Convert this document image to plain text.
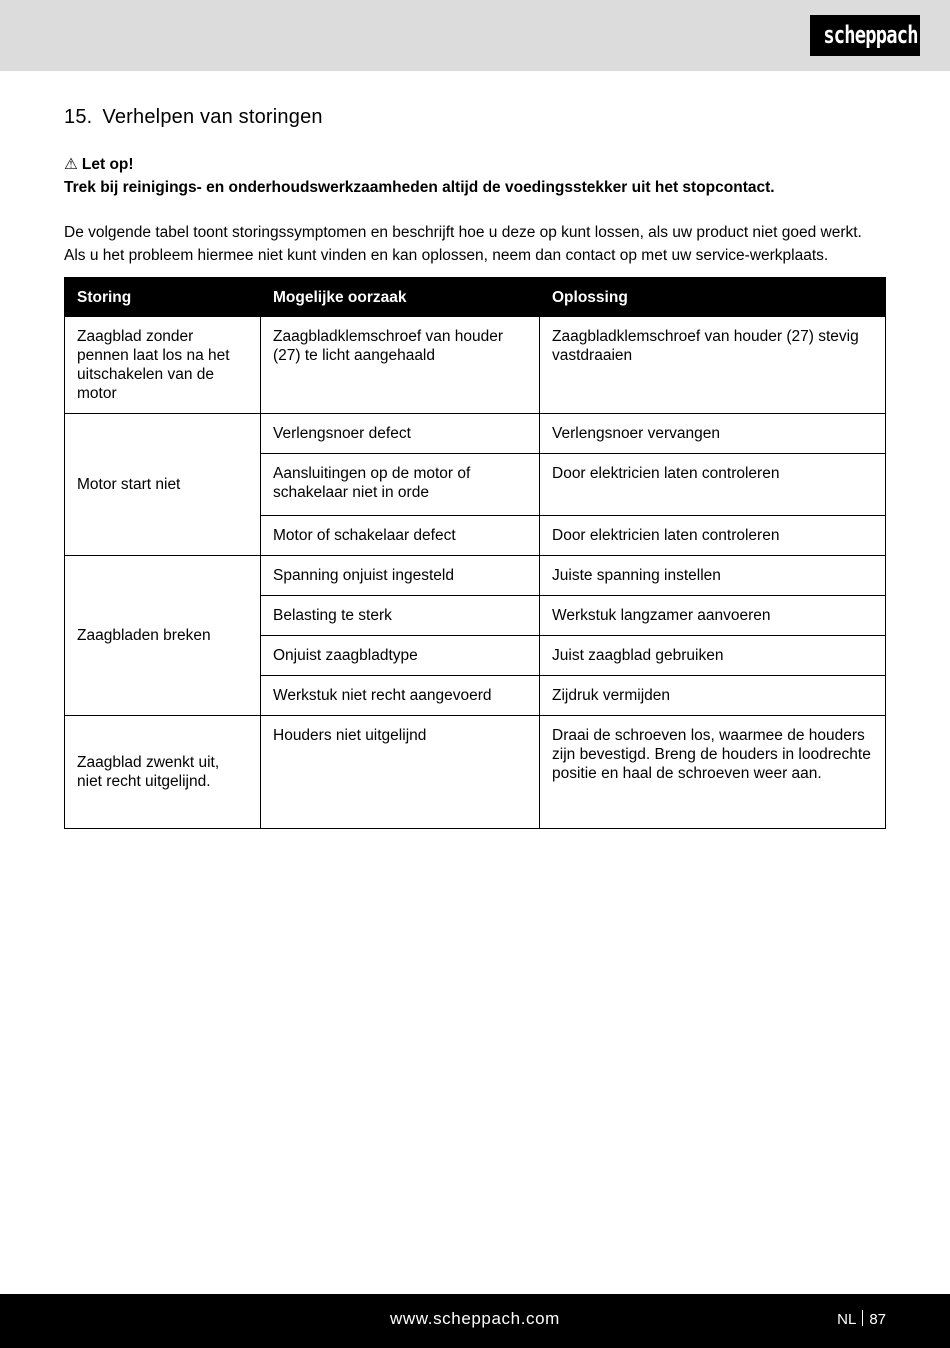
scheppach
15. Verhelpen van storingen
⚠ Let op!
Trek bij reinigings- en onderhoudswerkzaamheden altijd de voedingsstekker uit het stopcontact.

De volgende tabel toont storingssymptomen en beschrijft hoe u deze op kunt lossen, als uw product niet goed werkt.

Als u het probleem hiermee niet kunt vinden en kan oplossen, neem dan contact op met uw service-werkplaats.

Storing	Mogelijke oorzaak	Oplossing
Zaagblad zonder pennen laat los na het uitschakelen van de motor	Zaagbladklemschroef van houder (27) te licht aangehaald	Zaagbladklemschroef van houder (27) stevig vastdraaien
Motor start niet	Verlengsnoer defect	Verlengsnoer vervangen
	Aansluitingen op de motor of schakelaar niet in orde	Door elektricien laten controleren
	Motor of schakelaar defect	Door elektricien laten controleren
Zaagbladen breken	Spanning onjuist ingesteld	Juiste spanning instellen
	Belasting te sterk	Werkstuk langzamer aanvoeren
	Onjuist zaagbladtype	Juist zaagblad gebruiken
	Werkstuk niet recht aangevoerd	Zijdruk vermijden
Zaagblad zwenkt uit, niet recht uitgelijnd.	Houders niet uitgelijnd	Draai de schroeven los, waarmee de houders zijn bevestigd. Breng de houders in loodrechte positie en haal de schroeven weer aan.
www.scheppach.com	NL 87
